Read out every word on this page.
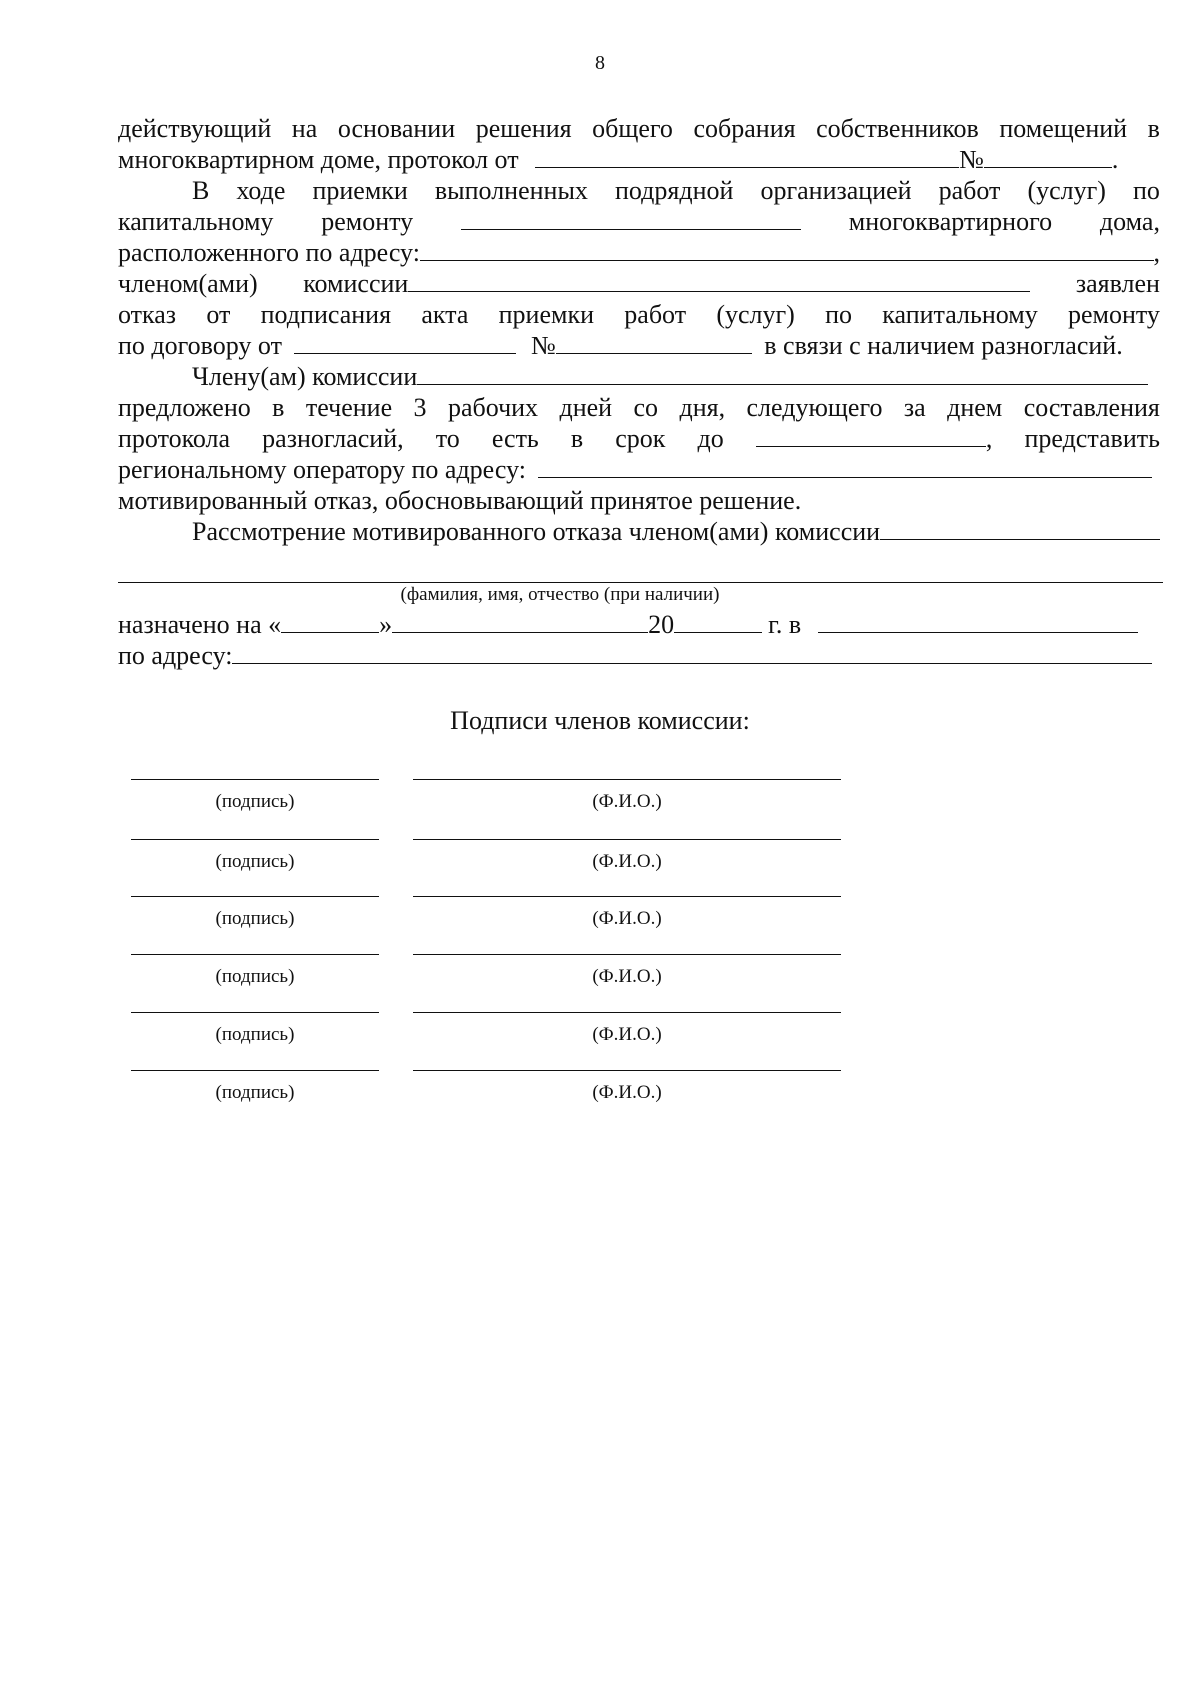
8
действующий на основании решения общего собрания собственников помещений в
многоквартирном доме, протокол от	№	.
В ходе приемки выполненных подрядной организацией работ (услуг) по
капитальному ремонту	многоквартирного дома,
расположенного по адресу:	,
членом(ами) комиссии	заявлен
отказ от подписания акта приемки работ (услуг) по капитальному ремонту
по договору от	№	в связи с наличием разногласий.
Члену(ам) комиссии
предложено в течение 3 рабочих дней со дня, следующего за днем составления
протокола разногласий, то есть в срок до	, представить
региональному оператору по адресу:
мотивированный отказ, обосновывающий принятое решение.
Рассмотрение мотивированного отказа членом(ами) комиссии
(фамилия, имя, отчество (при наличии)
назначено на «	»	20	г. в
по адресу:
Подписи членов комиссии:
(подпись)	(Ф.И.О.)
(подпись)	(Ф.И.О.)
(подпись)	(Ф.И.О.)
(подпись)	(Ф.И.О.)
(подпись)	(Ф.И.О.)
(подпись)	(Ф.И.О.)
